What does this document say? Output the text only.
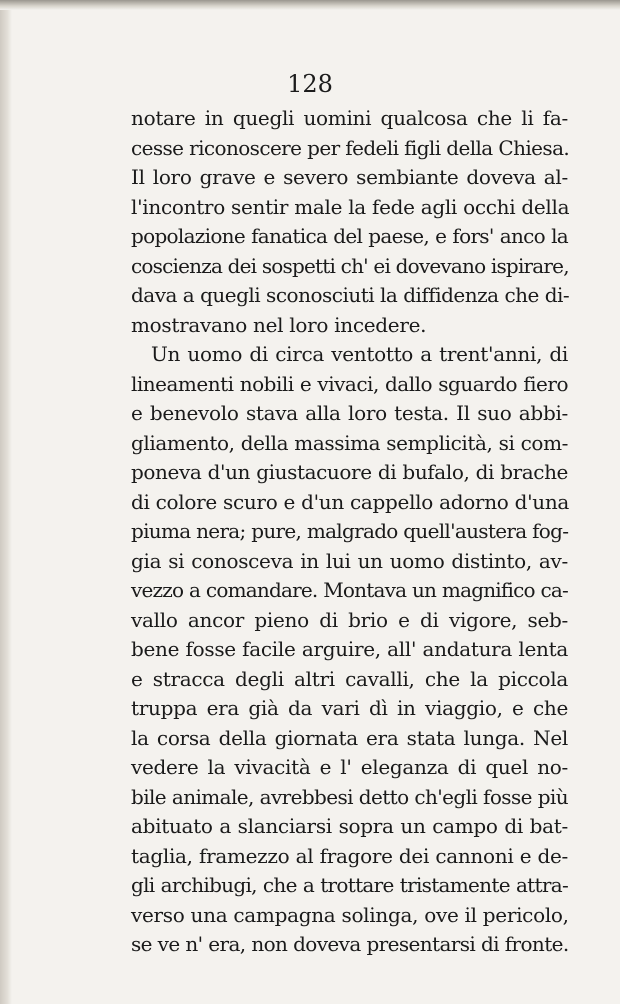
128

notare in quegli uomini qualcosa che li fa-
cesse riconoscere per fedeli figli della Chiesa.
Il loro grave e severo sembiante doveva al-
l'incontro sentir male la fede agli occhi della
popolazione fanatica del paese, e fors' anco la
coscienza dei sospetti ch' ei dovevano ispirare,
dava a quegli sconosciuti la diffidenza che di-
mostravano nel loro incedere.
Un uomo di circa ventotto a trent'anni, di
lineamenti nobili e vivaci, dallo sguardo fiero
e benevolo stava alla loro testa. Il suo abbi-
gliamento, della massima semplicità, si com-
poneva d'un giustacuore di bufalo, di brache
di colore scuro e d'un cappello adorno d'una
piuma nera; pure, malgrado quell'austera fog-
gia si conosceva in lui un uomo distinto, av-
vezzo a comandare. Montava un magnifico ca-
vallo ancor pieno di brio e di vigore, seb-
bene fosse facile arguire, all' andatura lenta
e stracca degli altri cavalli, che la piccola
truppa era già da vari dì in viaggio, e che
la corsa della giornata era stata lunga. Nel
vedere la vivacità e l' eleganza di quel no-
bile animale, avrebbesi detto ch'egli fosse più
abituato a slanciarsi sopra un campo di bat-
taglia, framezzo al fragore dei cannoni e de-
gli archibugi, che a trottare tristamente attra-
verso una campagna solinga, ove il pericolo,
se ve n' era, non doveva presentarsi di fronte.
